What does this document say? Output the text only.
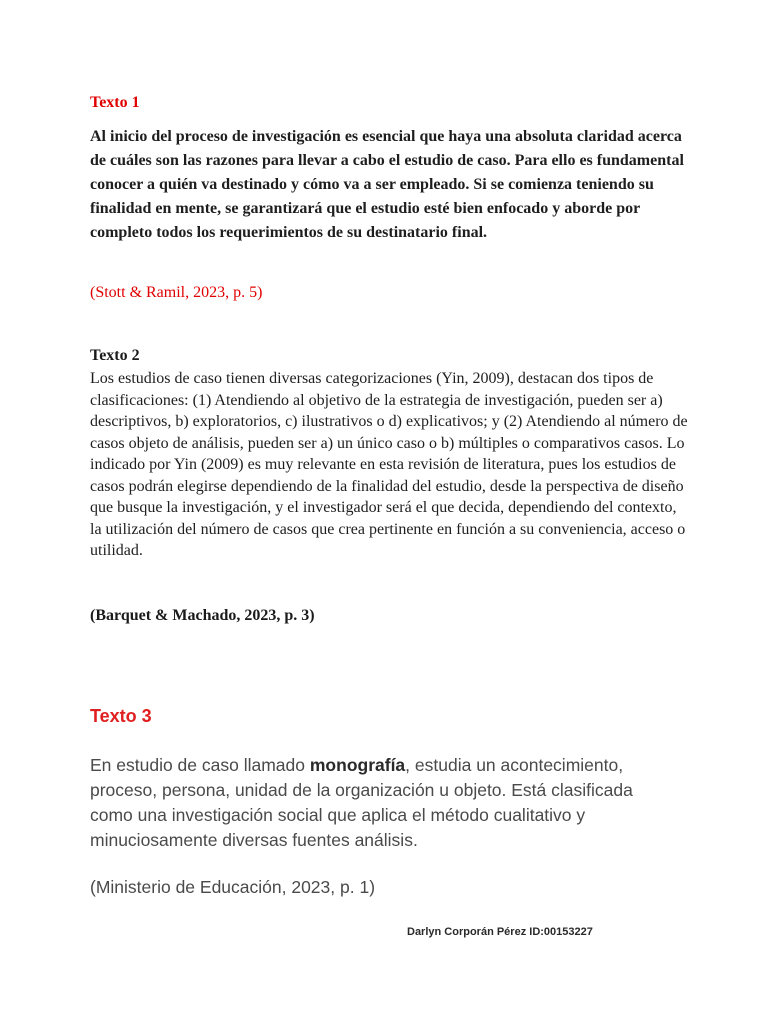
Texto 1
Al inicio del proceso de investigación es esencial que haya una absoluta claridad acerca de cuáles son las razones para llevar a cabo el estudio de caso. Para ello es fundamental conocer a quién va destinado y cómo va a ser empleado. Si se comienza teniendo su finalidad en mente, se garantizará que el estudio esté bien enfocado y aborde por completo todos los requerimientos de su destinatario final.
(Stott & Ramil, 2023, p. 5)
Texto 2
Los estudios de caso tienen diversas categorizaciones (Yin, 2009), destacan dos tipos de clasificaciones: (1) Atendiendo al objetivo de la estrategia de investigación, pueden ser a) descriptivos, b) exploratorios, c) ilustrativos o d) explicativos; y (2) Atendiendo al número de casos objeto de análisis, pueden ser a) un único caso o b) múltiples o comparativos casos. Lo indicado por Yin (2009) es muy relevante en esta revisión de literatura, pues los estudios de casos podrán elegirse dependiendo de la finalidad del estudio, desde la perspectiva de diseño que busque la investigación, y el investigador será el que decida, dependiendo del contexto, la utilización del número de casos que crea pertinente en función a su conveniencia, acceso o utilidad.
(Barquet & Machado, 2023, p. 3)
Texto 3
En estudio de caso llamado monografía, estudia un acontecimiento, proceso, persona, unidad de la organización u objeto. Está clasificada como una investigación social que aplica el método cualitativo y minuciosamente diversas fuentes análisis.
(Ministerio de Educación, 2023, p. 1)
Darlyn Corporán Pérez ID:00153227
